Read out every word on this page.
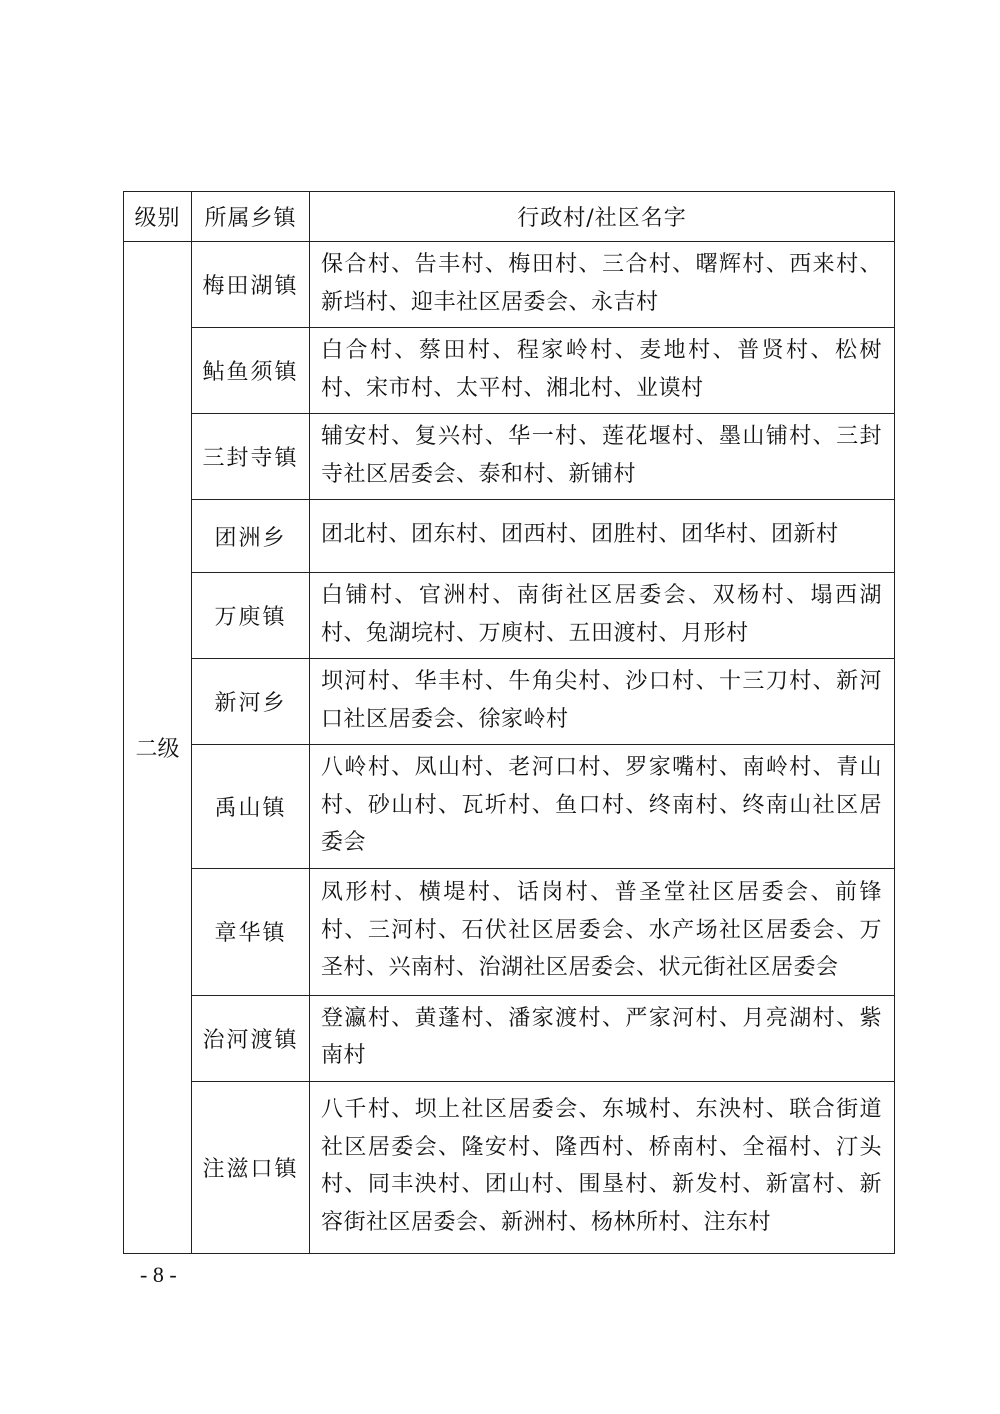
级别	所属乡镇	行政村/社区名字
二级	梅田湖镇	保合村、告丰村、梅田村、三合村、曙辉村、西来村、新垱村、迎丰社区居委会、永吉村
	鲇鱼须镇	白合村、蔡田村、程家岭村、麦地村、普贤村、松树村、宋市村、太平村、湘北村、业谟村
	三封寺镇	辅安村、复兴村、华一村、莲花堰村、墨山铺村、三封寺社区居委会、泰和村、新铺村
	团洲乡	团北村、团东村、团西村、团胜村、团华村、团新村
	万庾镇	白铺村、官洲村、南街社区居委会、双杨村、塌西湖村、兔湖垸村、万庾村、五田渡村、月形村
	新河乡	坝河村、华丰村、牛角尖村、沙口村、十三刀村、新河口社区居委会、徐家岭村
	禹山镇	八岭村、凤山村、老河口村、罗家嘴村、南岭村、青山村、砂山村、瓦圻村、鱼口村、终南村、终南山社区居委会
	章华镇	凤形村、横堤村、话岗村、普圣堂社区居委会、前锋村、三河村、石伏社区居委会、水产场社区居委会、万圣村、兴南村、治湖社区居委会、状元街社区居委会
	治河渡镇	登瀛村、黄蓬村、潘家渡村、严家河村、月亮湖村、紫南村
	注滋口镇	八千村、坝上社区居委会、东城村、东泱村、联合街道社区居委会、隆安村、隆西村、桥南村、全福村、汀头村、同丰泱村、团山村、围垦村、新发村、新富村、新容街社区居委会、新洲村、杨林所村、注东村
- 8 -
